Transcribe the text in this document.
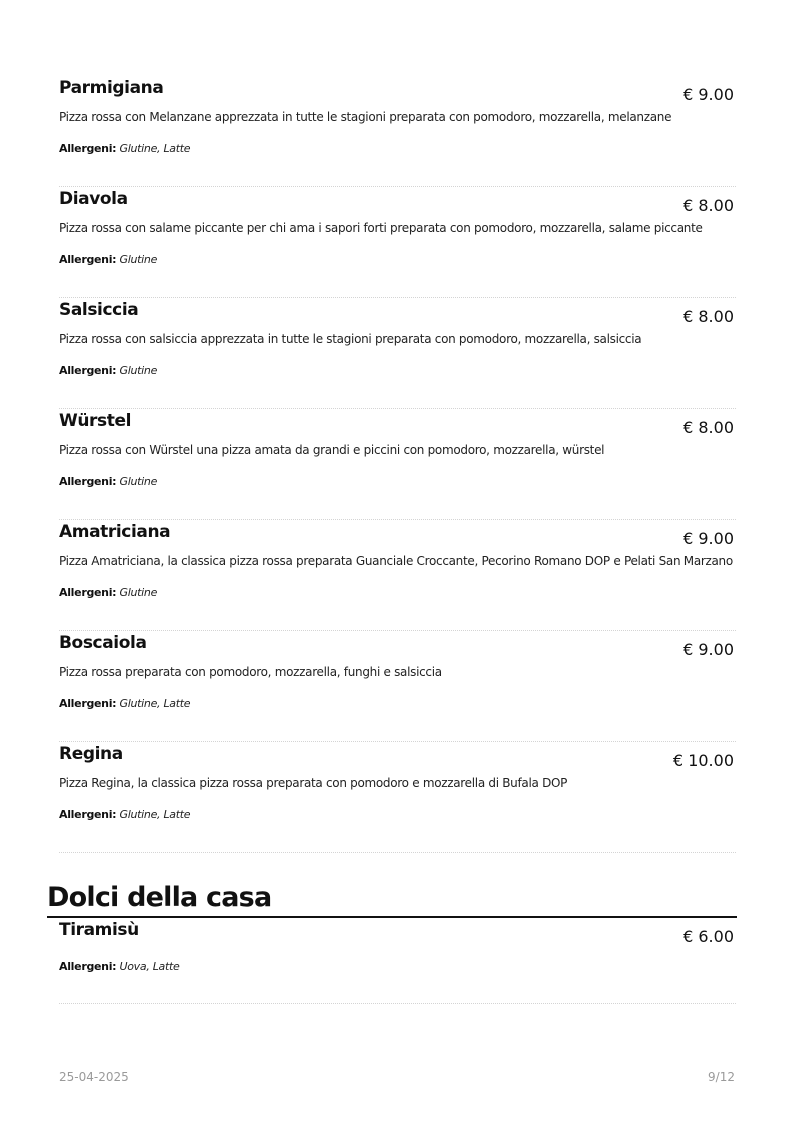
Parmigiana	€ 9.00
Pizza rossa con Melanzane apprezzata in tutte le stagioni preparata con pomodoro, mozzarella, melanzane
Allergeni: Glutine, Latte
Diavola	€ 8.00
Pizza rossa con salame piccante per chi ama i sapori forti preparata con pomodoro, mozzarella, salame piccante
Allergeni: Glutine
Salsiccia	€ 8.00
Pizza rossa con salsiccia apprezzata in tutte le stagioni preparata con pomodoro, mozzarella, salsiccia
Allergeni: Glutine
Würstel	€ 8.00
Pizza rossa con Würstel una pizza amata da grandi e piccini con pomodoro, mozzarella, würstel
Allergeni: Glutine
Amatriciana	€ 9.00
Pizza Amatriciana, la classica pizza rossa preparata Guanciale Croccante, Pecorino Romano DOP e Pelati San Marzano
Allergeni: Glutine
Boscaiola	€ 9.00
Pizza rossa preparata con pomodoro, mozzarella, funghi e salsiccia
Allergeni: Glutine, Latte
Regina	€ 10.00
Pizza Regina, la classica pizza rossa preparata con pomodoro e mozzarella di Bufala DOP
Allergeni: Glutine, Latte
Dolci della casa
Tiramisù	€ 6.00
Allergeni: Uova, Latte
25-04-2025	9/12
